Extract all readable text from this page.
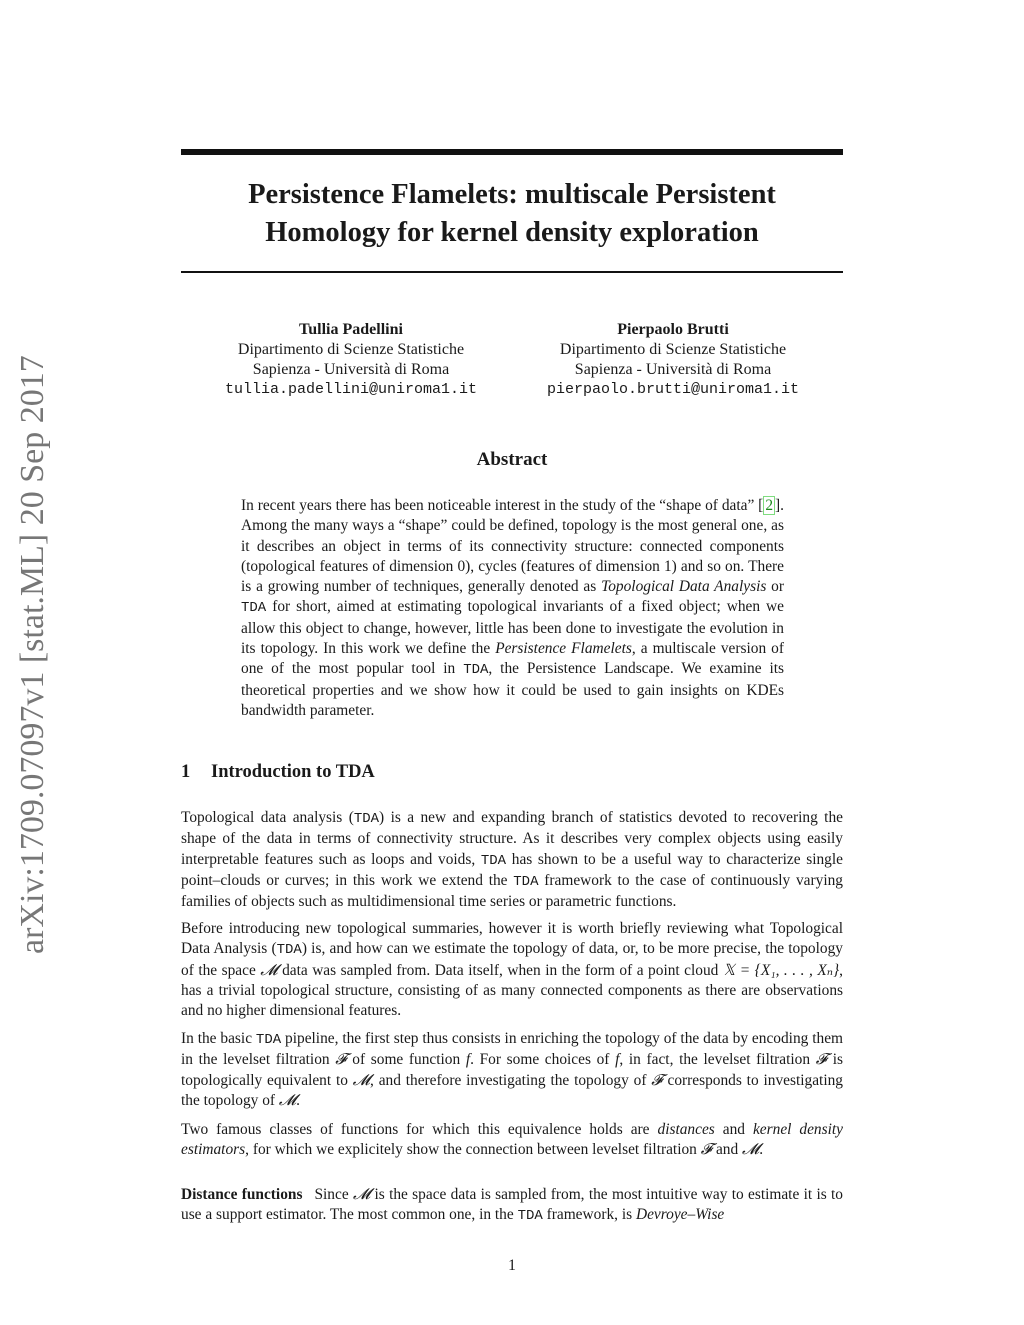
arXiv:1709.07097v1 [stat.ML] 20 Sep 2017
Persistence Flamelets: multiscale Persistent
Homology for kernel density exploration
Tullia Padellini
Dipartimento di Scienze Statistiche
Sapienza - Università di Roma
tullia.padellini@uniroma1.it
Pierpaolo Brutti
Dipartimento di Scienze Statistiche
Sapienza - Università di Roma
pierpaolo.brutti@uniroma1.it
Abstract

In recent years there has been noticeable interest in the study of the “shape of data” [ 2 ]. Among the many ways a “shape” could be defined, topology is the most general one, as it describes an object in terms of its connectivity structure: connected components (topological features of dimension 0), cycles (features of dimension 1) and so on. There is a growing number of techniques, generally denoted as Topological Data Analysis or TDA for short, aimed at estimating topological invariants of a fixed object; when we allow this object to change, however, little has been done to investigate the evolution in its topology. In this work we define the Persistence Flamelets, a multiscale version of one of the most popular tool in TDA, the Persistence Landscape. We examine its theoretical properties and we show how it could be used to gain insights on KDEs bandwidth parameter.

1 Introduction to TDA

Topological data analysis (TDA) is a new and expanding branch of statistics devoted to recovering the shape of the data in terms of connectivity structure. As it describes very complex objects using easily interpretable features such as loops and voids, TDA has shown to be a useful way to characterize single point–clouds or curves; in this work we extend the TDA framework to the case of continuously varying families of objects such as multidimensional time series or parametric functions.

Before introducing new topological summaries, however it is worth briefly reviewing what Topological Data Analysis (TDA) is, and how can we estimate the topology of data, or, to be more precise, the topology of the space 𝓜 data was sampled from. Data itself, when in the form of a point cloud 𝕏 = {X₁, . . . , Xₙ}, has a trivial topological structure, consisting of as many connected components as there are observations and no higher dimensional features.

In the basic TDA pipeline, the first step thus consists in enriching the topology of the data by encoding them in the levelset filtration 𝓕 of some function f. For some choices of f, in fact, the levelset filtration 𝓕 is topologically equivalent to 𝓜, and therefore investigating the topology of 𝓕 corresponds to investigating the topology of 𝓜.

Two famous classes of functions for which this equivalence holds are distances and kernel density estimators, for which we explicitely show the connection between levelset filtration 𝓕 and 𝓜.

Distance functions Since 𝓜 is the space data is sampled from, the most intuitive way to estimate it is to use a support estimator. The most common one, in the TDA framework, is Devroye–Wise

1
